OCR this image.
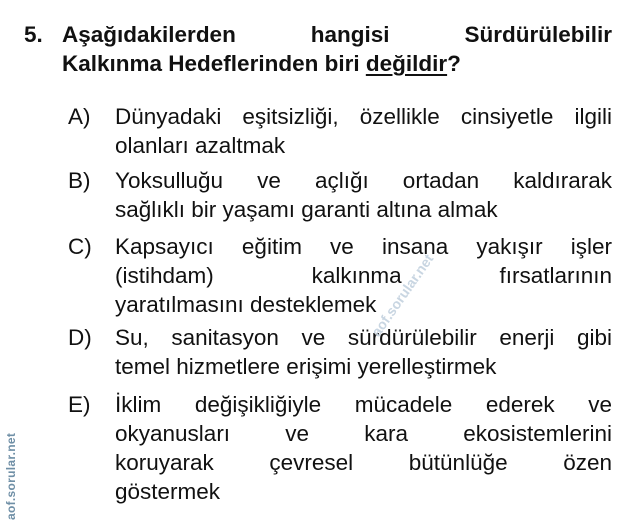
5. Aşağıdakilerden hangisi Sürdürülebilir
Kalkınma Hedeflerinden biri değildir?
A) Dünyadaki eşitsizliği, özellikle cinsiyetle ilgili
olanları azaltmak
B) Yoksulluğu ve açlığı ortadan kaldırarak
sağlıklı bir yaşamı garanti altına almak
C) Kapsayıcı eğitim ve insana yakışır işler
(istihdam) kalkınma fırsatlarının
yaratılmasını desteklemek
D) Su, sanitasyon ve sürdürülebilir enerji gibi
temel hizmetlere erişimi yerelleştirmek
E) İklim değişikliğiyle mücadele ederek ve
okyanusları ve kara ekosistemlerini
koruyarak çevresel bütünlüğe özen
göstermek
aof.sorular.net
aof.sorular.net
